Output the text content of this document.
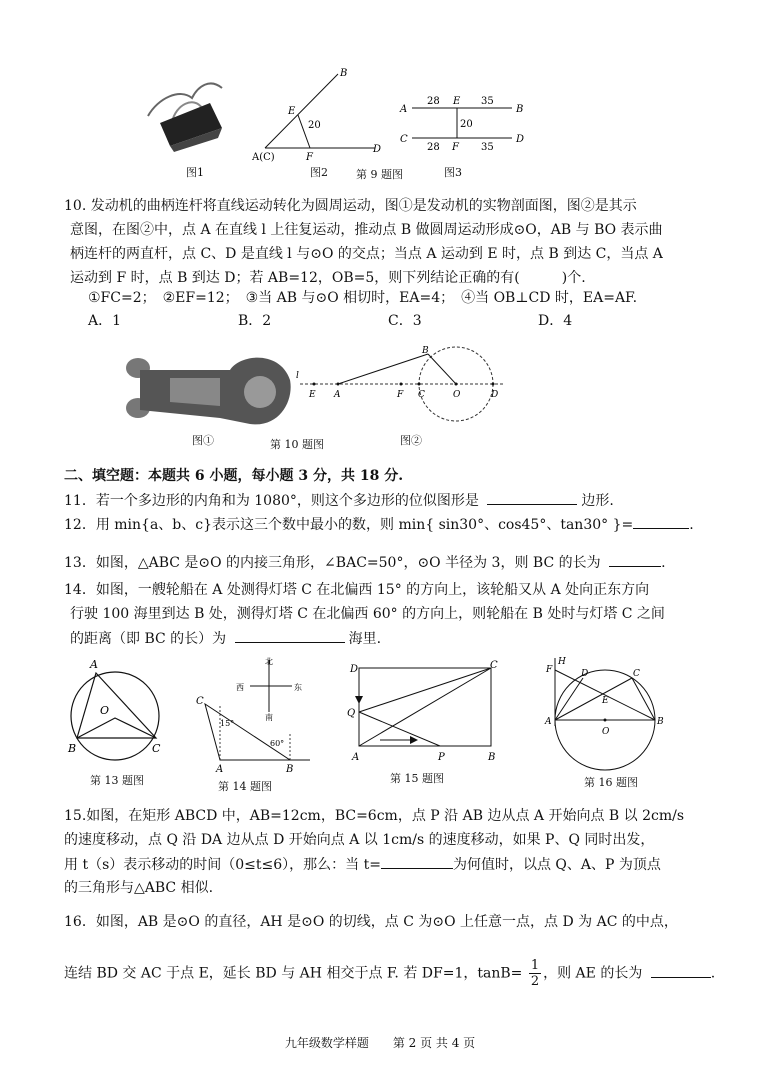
A(C)
B
E
F
D
20
A	B
C	D
E
F
28	35
20
28	35
图1	图2	第 9 题图	图3
10. 发动机的曲柄连杆将直线运动转化为圆周运动，图①是发动机的实物剖面图，图②是其示
意图，在图②中，点 A 在直线 l 上往复运动，推动点 B 做圆周运动形成⊙O，AB 与 BO 表示曲
柄连杆的两直杆，点 C、D 是直线 l 与⊙O 的交点；当点 A 运动到 E 时，点 B 到达 C，当点 A
运动到 F 时，点 B 到达 D；若 AB=12，OB=5，则下列结论正确的有(　　　)个.
①FC=2；　②EF=12；　③当 AB 与⊙O 相切时，EA=4；　④当 OB⊥CD 时，EA=AF.
A．1	B．2	C．3	D．4
l
E A	F C	O	D
B
图①	第 10 题图	图②
二、填空题：本题共 6 小题，每小题 3 分，共 18 分.
11．若一个多边形的内角和为 1080°，则这个多边形的位似图形是	边形.
12．用 min{a、b、c}表示这三个数中最小的数，则 min{ sin30°、cos45°、tan30° }=	.
13．如图，△ABC 是⊙O 的内接三角形，∠BAC=50°，⊙O 半径为 3，则 BC 的长为	.
14．如图，一艘轮船在 A 处测得灯塔 C 在北偏西 15° 的方向上，该轮船又从 A 处向正东方向
行驶 100 海里到达 B 处，测得灯塔 C 在北偏西 60° 的方向上，则轮船在 B 处时与灯塔 C 之间
的距离（即 BC 的长）为	海里.
A
O
B	C
北
西	东
南
C
A	B
15°
60°
D	C
Q
A	P	B
H
F	D	C
E
A
O
B
第 13 题图	第 14 题图
第 15 题图	第 16 题图
15.如图，在矩形 ABCD 中，AB=12cm，BC=6cm，点 P 沿 AB 边从点 A 开始向点 B 以 2cm/s
的速度移动，点 Q 沿 DA 边从点 D 开始向点 A 以 1cm/s 的速度移动，如果 P、Q 同时出发，
用 t（s）表示移动的时间（0≤t≤6），那么：当 t=	为何值时，以点 Q、A、P 为顶点
的三角形与△ABC 相似.
16．如图，AB 是⊙O 的直径，AH 是⊙O 的切线，点 C 为⊙O 上任意一点，点 D 为 AC 的中点，
连结 BD 交 AC 于点 E，延长 BD 与 AH 相交于点 F. 若 DF=1，$\tan B= \frac{1}{2}$ ，则 AE 的长为	.
九年级数学样题　　第 2 页 共 4 页
